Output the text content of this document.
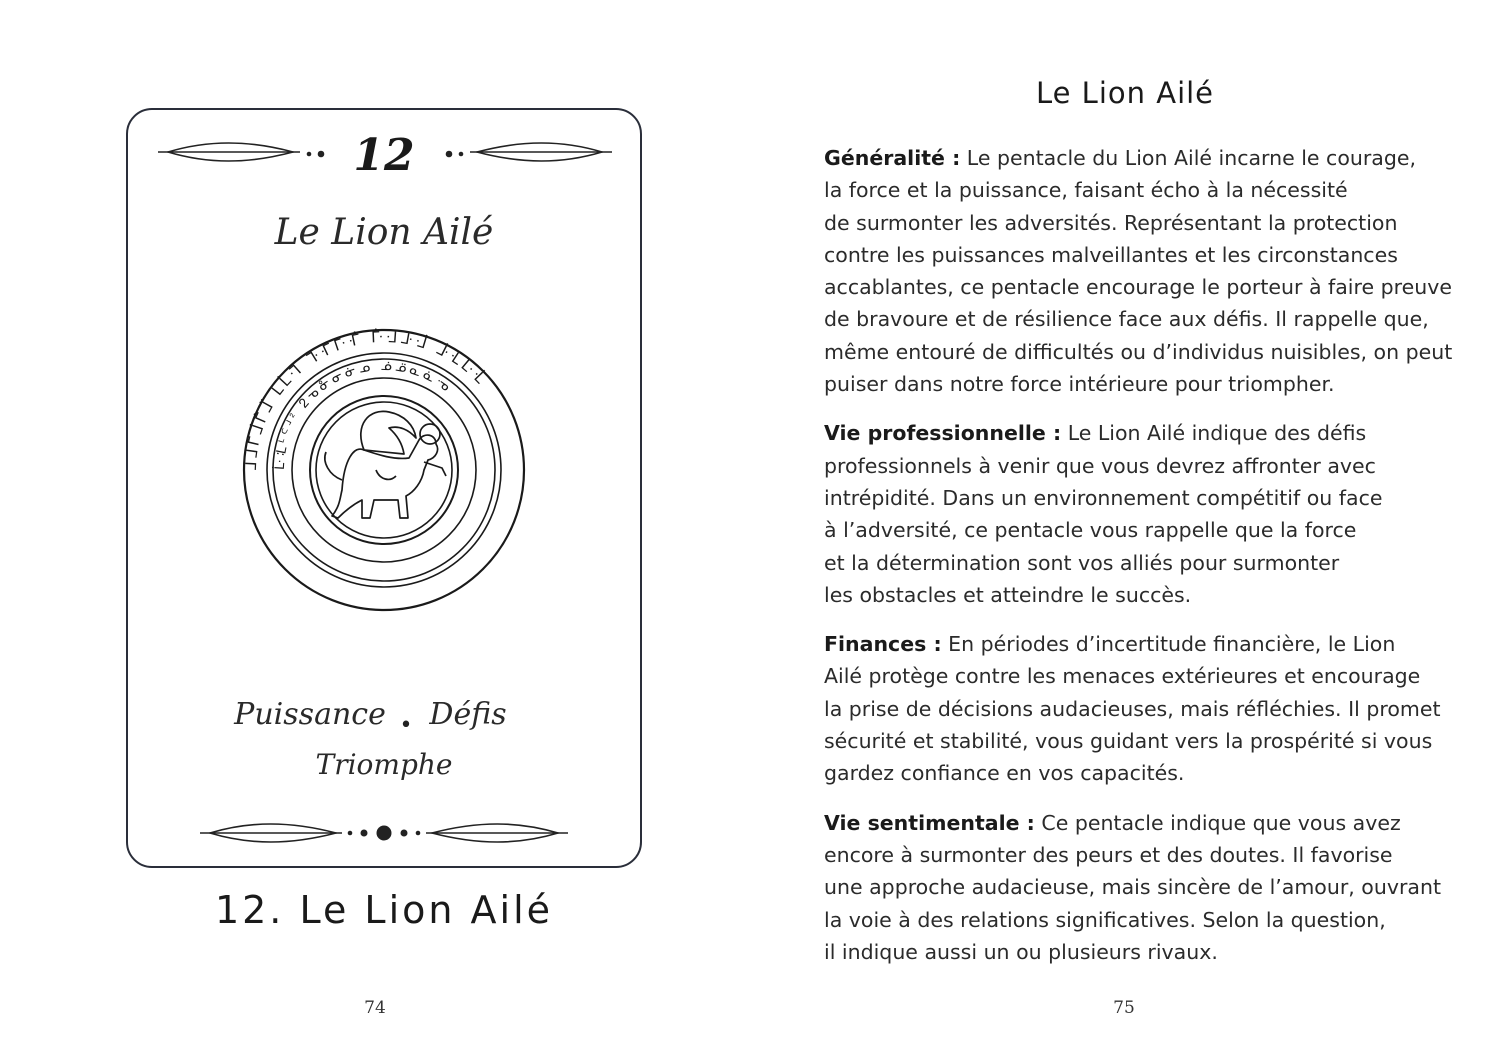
12
Le Lion Ailé
⅃ᒧᒥᒨᒦᒩ ᒪᒫᒬ ᒭᒮᒯᒰ ᒱᒲᒳᒴ ᒵᒶᒷᒸ
ᒹᒺᒻᒼᒽᒾ ᒿᓀᓁᓂᓃᓄ ᓅᓆᓇᓈᓉ
Puissance • Défis
Triomphe
12. Le Lion Ailé
74
Le Lion Ailé
Généralité : Le pentacle du Lion Ailé incarne le courage,
la force et la puissance, faisant écho à la nécessité
de surmonter les adversités. Représentant la protection
contre les puissances malveillantes et les circonstances
accablantes, ce pentacle encourage le porteur à faire preuve
de bravoure et de résilience face aux défis. Il rappelle que,
même entouré de difficultés ou d’individus nuisibles, on peut
puiser dans notre force intérieure pour triompher.
Vie professionnelle : Le Lion Ailé indique des défis
professionnels à venir que vous devrez affronter avec
intrépidité. Dans un environnement compétitif ou face
à l’adversité, ce pentacle vous rappelle que la force
et la détermination sont vos alliés pour surmonter
les obstacles et atteindre le succès.
Finances : En périodes d’incertitude financière, le Lion
Ailé protège contre les menaces extérieures et encourage
la prise de décisions audacieuses, mais réfléchies. Il promet
sécurité et stabilité, vous guidant vers la prospérité si vous
gardez confiance en vos capacités.
Vie sentimentale : Ce pentacle indique que vous avez
encore à surmonter des peurs et des doutes. Il favorise
une approche audacieuse, mais sincère de l’amour, ouvrant
la voie à des relations significatives. Selon la question,
il indique aussi un ou plusieurs rivaux.
75
